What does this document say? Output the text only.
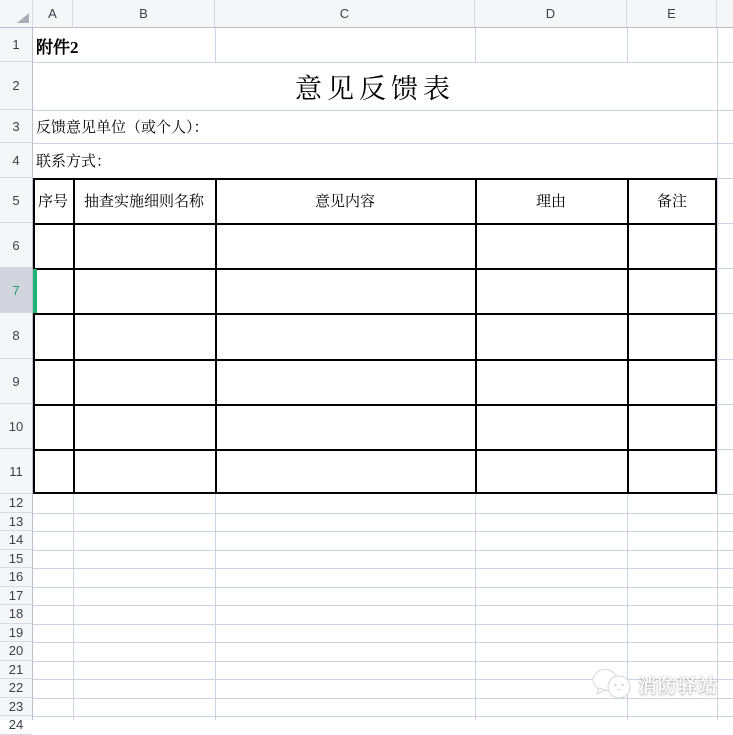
A	B	C	D	E
1
2
3
4
5
6
7
8
9
10
11
12
13
14
15
16
17
18
19
20
21
22
23
24
附件2
意见反馈表
反馈意见单位（或个人）：
联系方式：
序号	抽查实施细则名称	意见内容	理由	备注
消防驿站
